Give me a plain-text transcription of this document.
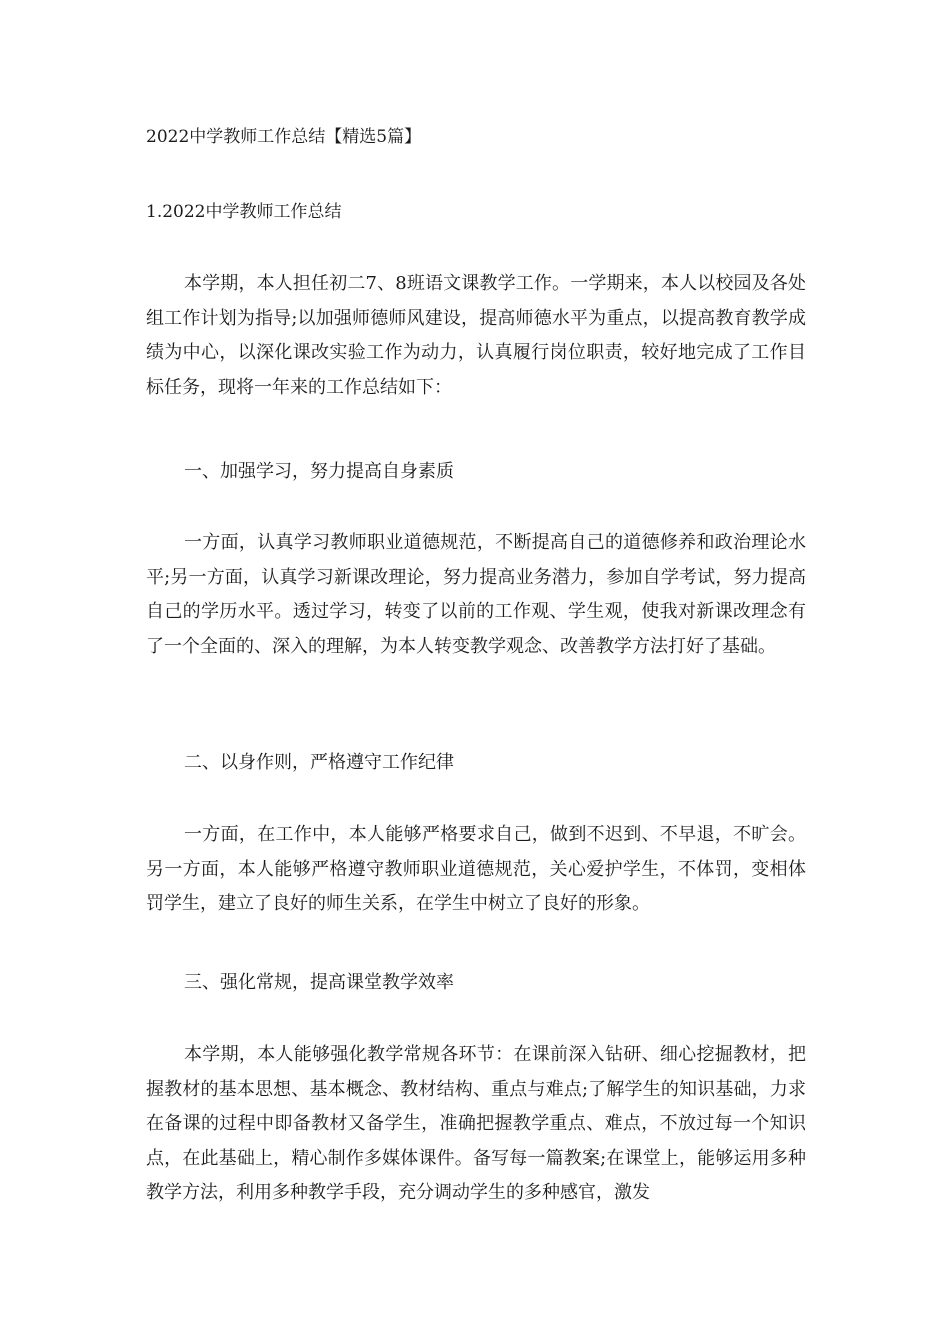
2022中学教师工作总结【精选5篇】
1.2022中学教师工作总结

本学期，本人担任初二7、8班语文课教学工作。一学期来，本人以校园及各处组工作计划为指导;以加强师德师风建设，提高师德水平为重点，以提高教育教学成绩为中心，以深化课改实验工作为动力，认真履行岗位职责，较好地完成了工作目标任务，现将一年来的工作总结如下：

一、加强学习，努力提高自身素质

一方面，认真学习教师职业道德规范，不断提高自己的道德修养和政治理论水平;另一方面，认真学习新课改理论，努力提高业务潜力，参加自学考试，努力提高自己的学历水平。透过学习，转变了以前的工作观、学生观，使我对新课改理念有了一个全面的、深入的理解，为本人转变教学观念、改善教学方法打好了基础。

二、以身作则，严格遵守工作纪律

一方面，在工作中，本人能够严格要求自己，做到不迟到、不早退，不旷会。另一方面，本人能够严格遵守教师职业道德规范，关心爱护学生，不体罚，变相体罚学生，建立了良好的师生关系，在学生中树立了良好的形象。

三、强化常规，提高课堂教学效率

本学期，本人能够强化教学常规各环节：在课前深入钻研、细心挖掘教材，把握教材的基本思想、基本概念、教材结构、重点与难点;了解学生的知识基础，力求在备课的过程中即备教材又备学生，准确把握教学重点、难点，不放过每一个知识点，在此基础上，精心制作多媒体课件。备写每一篇教案;在课堂上，能够运用多种教学方法，利用多种教学手段，充分调动学生的多种感官，激发
